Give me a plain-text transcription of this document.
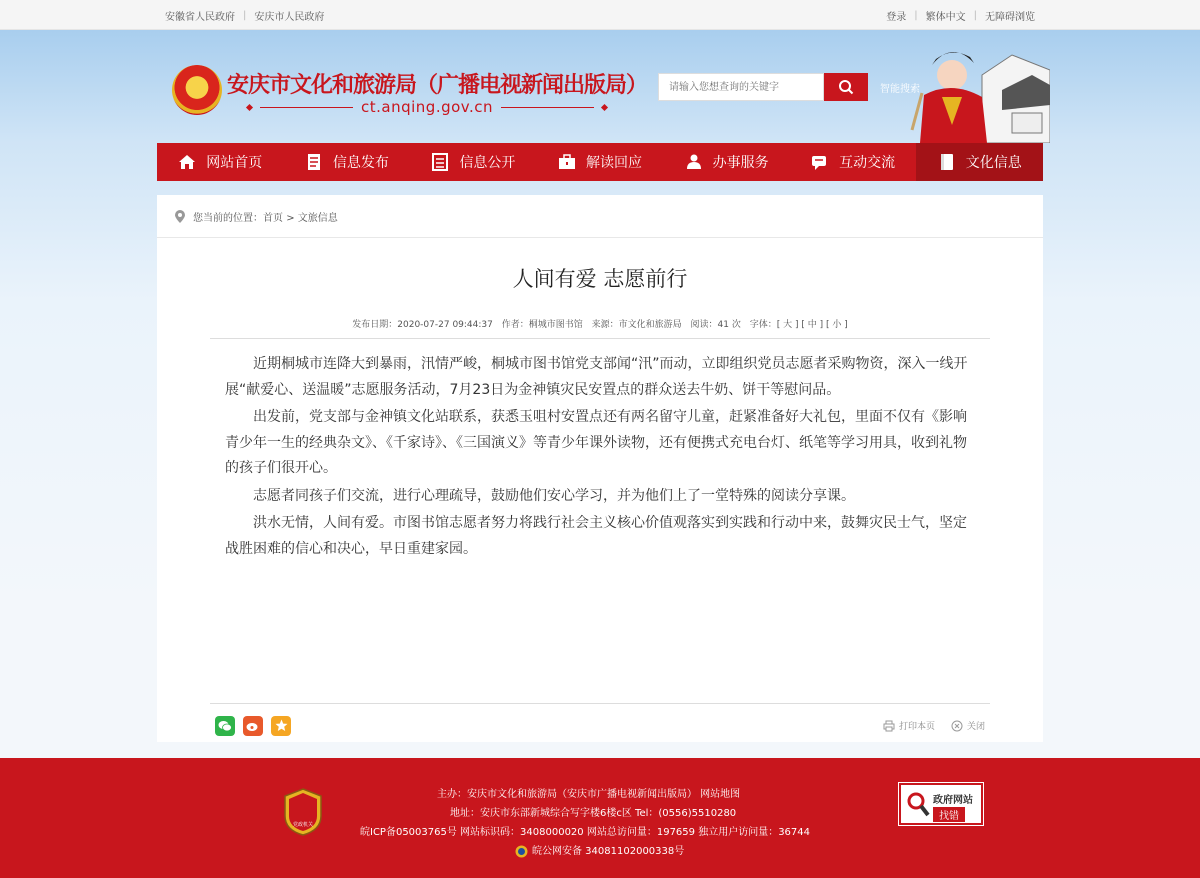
安徽省人民政府 | 安庆市人民政府	登录 | 繁体中文 | 无障碍浏览
安庆市文化和旅游局（广播电视新闻出版局）
ct.anqing.gov.cn
请输入您想查询的关键字
智能搜索
网站首页	信息发布	信息公开	解读回应	办事服务	互动交流	文化信息
您当前的位置：首页 > 文旅信息
人间有爱 志愿前行
发布日期：2020-07-27 09:44:37 作者：桐城市图书馆 来源：市文化和旅游局 阅读：41 次 字体：[ 大 ] [ 中 ] [ 小 ]

近期桐城市连降大到暴雨，汛情严峻，桐城市图书馆党支部闻“汛”而动，立即组织党员志愿者采购物资，深入一线开展“献爱心、送温暖”志愿服务活动，7月23日为金神镇灾民安置点的群众送去牛奶、饼干等慰问品。

出发前，党支部与金神镇文化站联系，获悉玉咀村安置点还有两名留守儿童，赶紧准备好大礼包，里面不仅有《影响青少年一生的经典杂文》、《千家诗》、《三国演义》等青少年课外读物，还有便携式充电台灯、纸笔等学习用具，收到礼物的孩子们很开心。

志愿者同孩子们交流，进行心理疏导，鼓励他们安心学习，并为他们上了一堂特殊的阅读分享课。

洪水无情，人间有爱。市图书馆志愿者努力将践行社会主义核心价值观落实到实践和行动中来，鼓舞灾民士气，坚定战胜困难的信心和决心，早日重建家园。

打印本页	关闭
党政机关
主办：安庆市文化和旅游局（安庆市广播电视新闻出版局） 网站地图
地址：安庆市东部新城综合写字楼6楼c区 Tel：(0556)5510280
皖ICP备05003765号 网站标识码：3408000020 网站总访问量：197659 独立用户访问量：36744
皖公网安备 34081102000338号
政府网站
找错
